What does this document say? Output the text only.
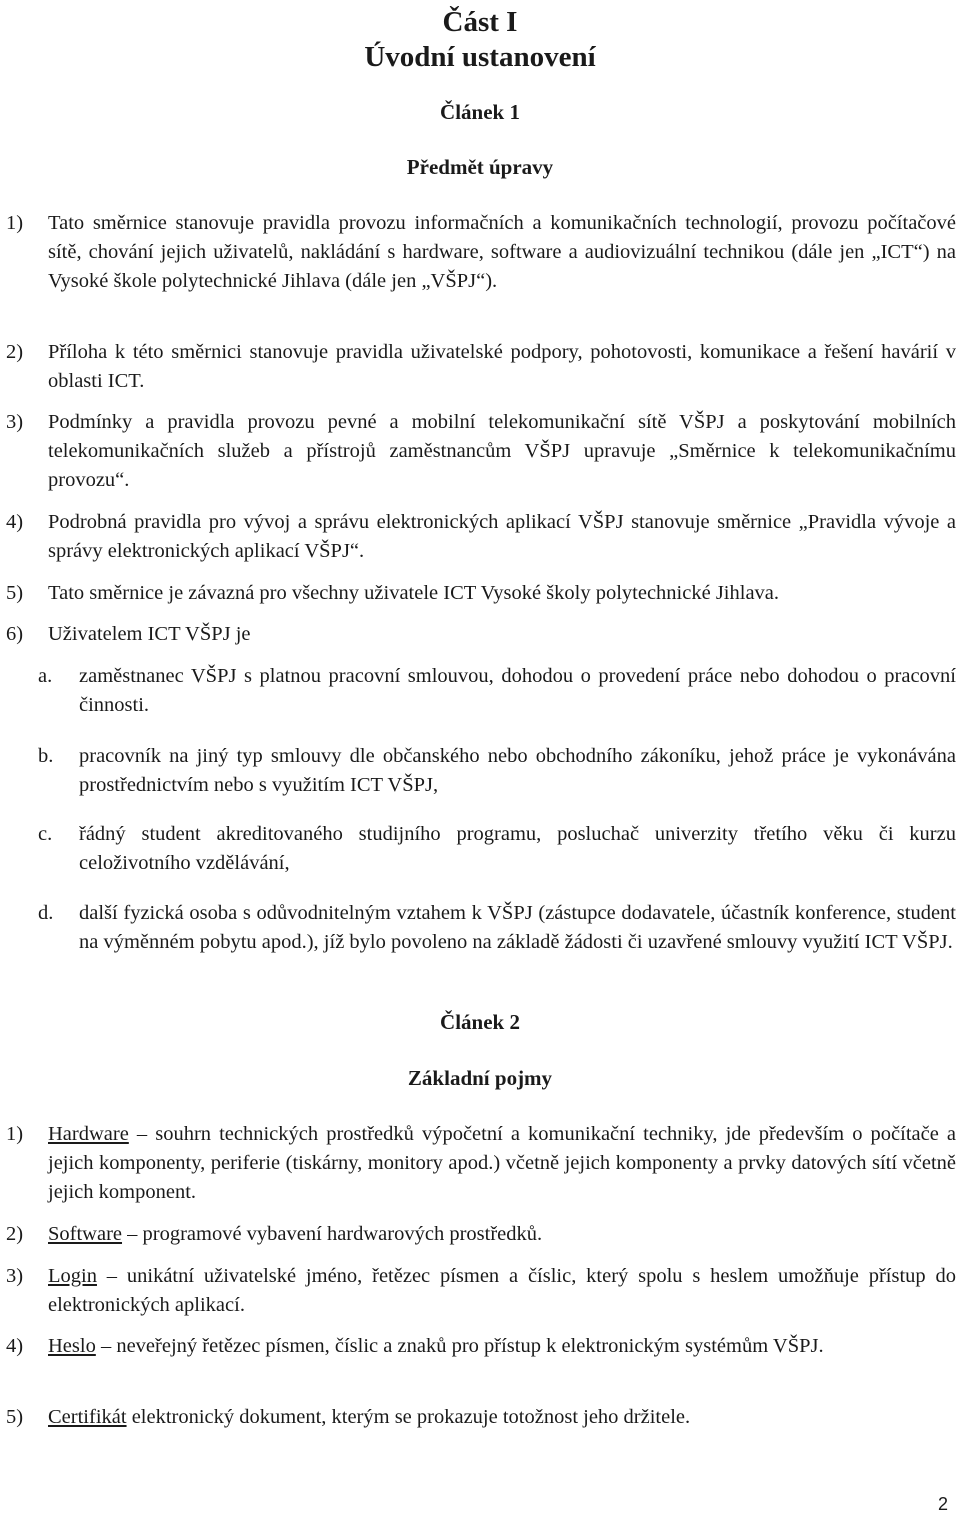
Část I
Úvodní ustanovení
Článek 1
Předmět úpravy
1) Tato směrnice stanovuje pravidla provozu informačních a komunikačních technologií, provozu počítačové sítě, chování jejich uživatelů, nakládání s hardware, software a audiovizuální technikou (dále jen „ICT“) na Vysoké škole polytechnické Jihlava (dále jen „VŠPJ“).
2) Příloha k této směrnici stanovuje pravidla uživatelské podpory, pohotovosti, komunikace a řešení havárií v oblasti ICT.
3) Podmínky a pravidla provozu pevné a mobilní telekomunikační sítě VŠPJ a poskytování mobilních telekomunikačních služeb a přístrojů zaměstnancům VŠPJ upravuje „Směrnice k telekomunikačnímu provozu“.
4) Podrobná pravidla pro vývoj a správu elektronických aplikací VŠPJ stanovuje směrnice „Pravidla vývoje a správy elektronických aplikací VŠPJ“.
5) Tato směrnice je závazná pro všechny uživatele ICT Vysoké školy polytechnické Jihlava.
6) Uživatelem ICT VŠPJ je
a. zaměstnanec VŠPJ s platnou pracovní smlouvou, dohodou o provedení práce nebo dohodou o pracovní činnosti.
b. pracovník na jiný typ smlouvy dle občanského nebo obchodního zákoníku, jehož práce je vykonávána prostřednictvím nebo s využitím ICT VŠPJ,
c. řádný student akreditovaného studijního programu, posluchač univerzity třetího věku či kurzu celoživotního vzdělávání,
d. další fyzická osoba s odůvodnitelným vztahem k VŠPJ (zástupce dodavatele, účastník konference, student na výměnném pobytu apod.), jíž bylo povoleno na základě žádosti či uzavřené smlouvy využití ICT VŠPJ.
Článek 2
Základní pojmy
1) Hardware – souhrn technických prostředků výpočetní a komunikační techniky, jde především o počítače a jejich komponenty, periferie (tiskárny, monitory apod.) včetně jejich komponenty a prvky datových sítí včetně jejich komponent.
2) Software – programové vybavení hardwarových prostředků.
3) Login – unikátní uživatelské jméno, řetězec písmen a číslic, který spolu s heslem umožňuje přístup do elektronických aplikací.
4) Heslo – neveřejný řetězec písmen, číslic a znaků pro přístup k elektronickým systémům VŠPJ.
5) Certifikát elektronický dokument, kterým se prokazuje totožnost jeho držitele.
2
